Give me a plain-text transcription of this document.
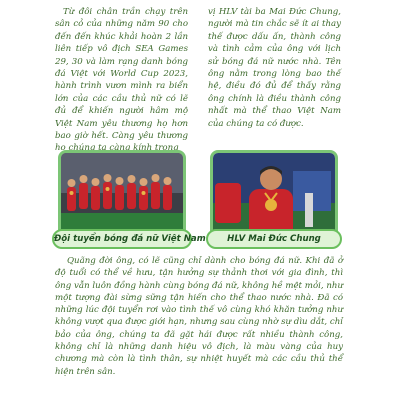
Từ đôi chân trần chạy trên sân cỏ của những năm 90 cho đến đến khúc khải hoàn 2 lần liên tiếp vô địch SEA Games 29, 30 và làm rạng danh bóng đá Việt với World Cup 2023, hành trình vươn mình ra biển lớn của các cầu thủ nữ có lẽ đủ để khiến người hâm mộ Việt Nam yêu thương họ hơn bao giờ hết. Càng yêu thương họ chúng ta càng kính trọng

vị HLV tài ba Mai Đức Chung, người mà tin chắc sẽ ít ai thay thế được dấu ấn, thành công và tình cảm của ông với lịch sử bóng đá nữ nước nhà. Tên ông nằm trong lòng bao thế hệ, điều đó đủ để thấy rằng ông chính là điều thành công nhất mà thể thao Việt Nam của chúng ta có được.

Đội tuyển bóng đá nữ Việt Nam	HLV Mai Đức Chung

Quãng đời ông, có lẽ cũng chỉ dành cho bóng đá nữ. Khi đã ở độ tuổi có thể về hưu, tận hưởng sự thảnh thơi với gia đình, thì ông vẫn luôn đồng hành cùng bóng đá nữ, không hề mệt mỏi, như một tượng đài sừng sững tận hiến cho thể thao nước nhà. Đã có những lúc đội tuyển rơi vào tình thế vô cùng khó khăn tưởng như không vượt qua được giới hạn, nhưng sau cùng nhờ sự dìu dắt, chỉ bảo của ông, chúng ta đã gặt hái được rất nhiều thành công, không chỉ là những danh hiệu vô địch, là màu vàng của huy chương mà còn là tình thân, sự nhiệt huyết mà các cầu thủ thể hiện trên sân.
